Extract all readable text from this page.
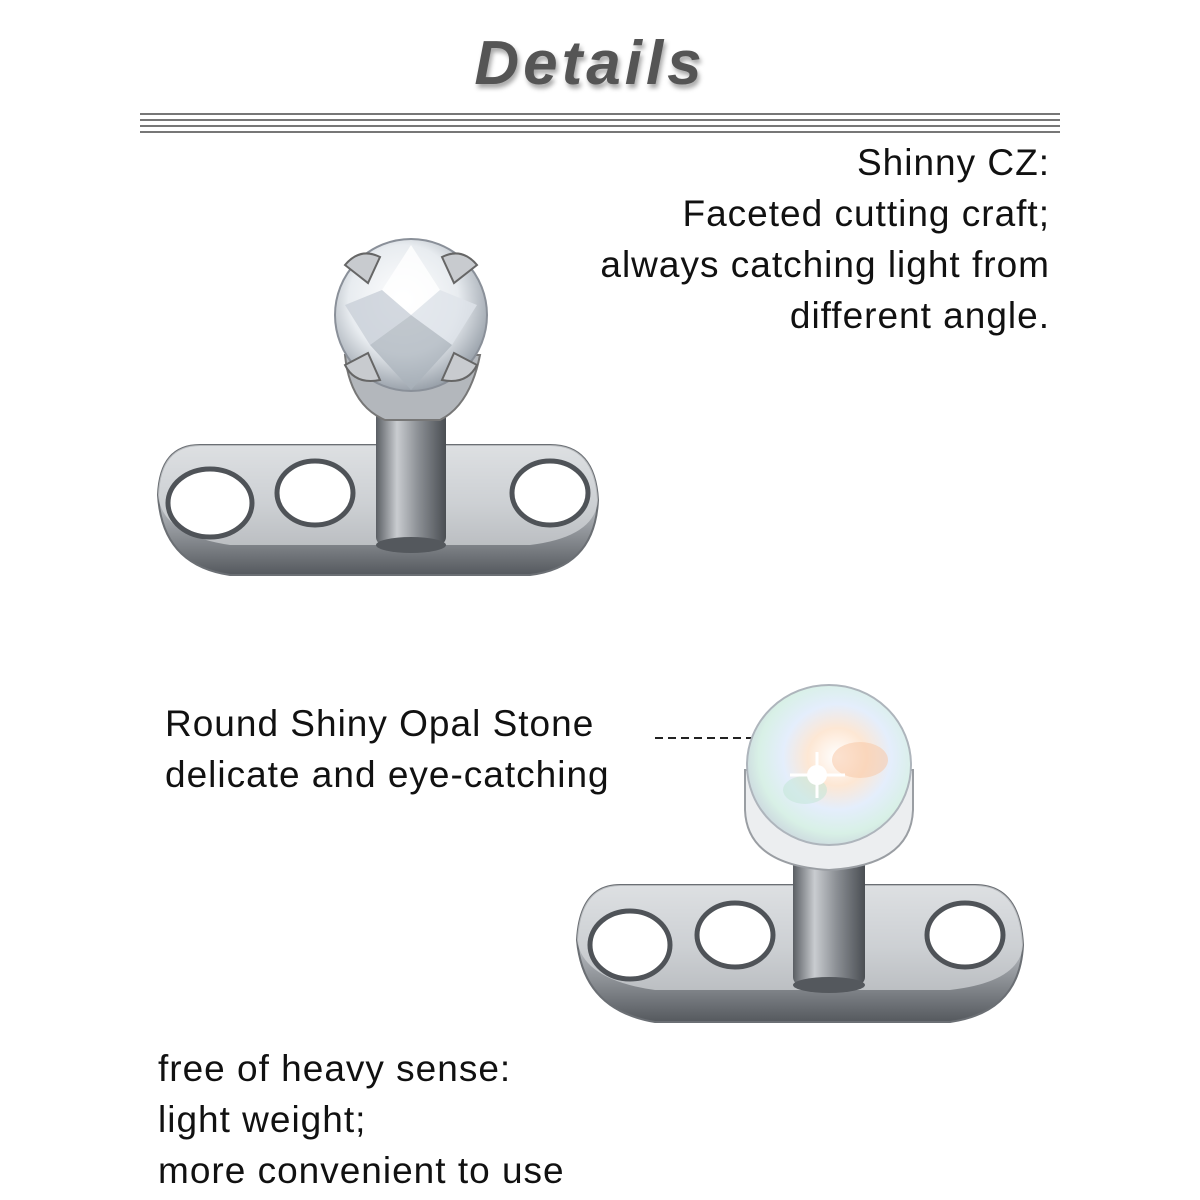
Details
Shinny CZ:
Faceted cutting craft;
always catching light from
different angle.
Round Shiny Opal Stone
delicate and eye-catching
free of heavy sense:
light weight;
more convenient to use
